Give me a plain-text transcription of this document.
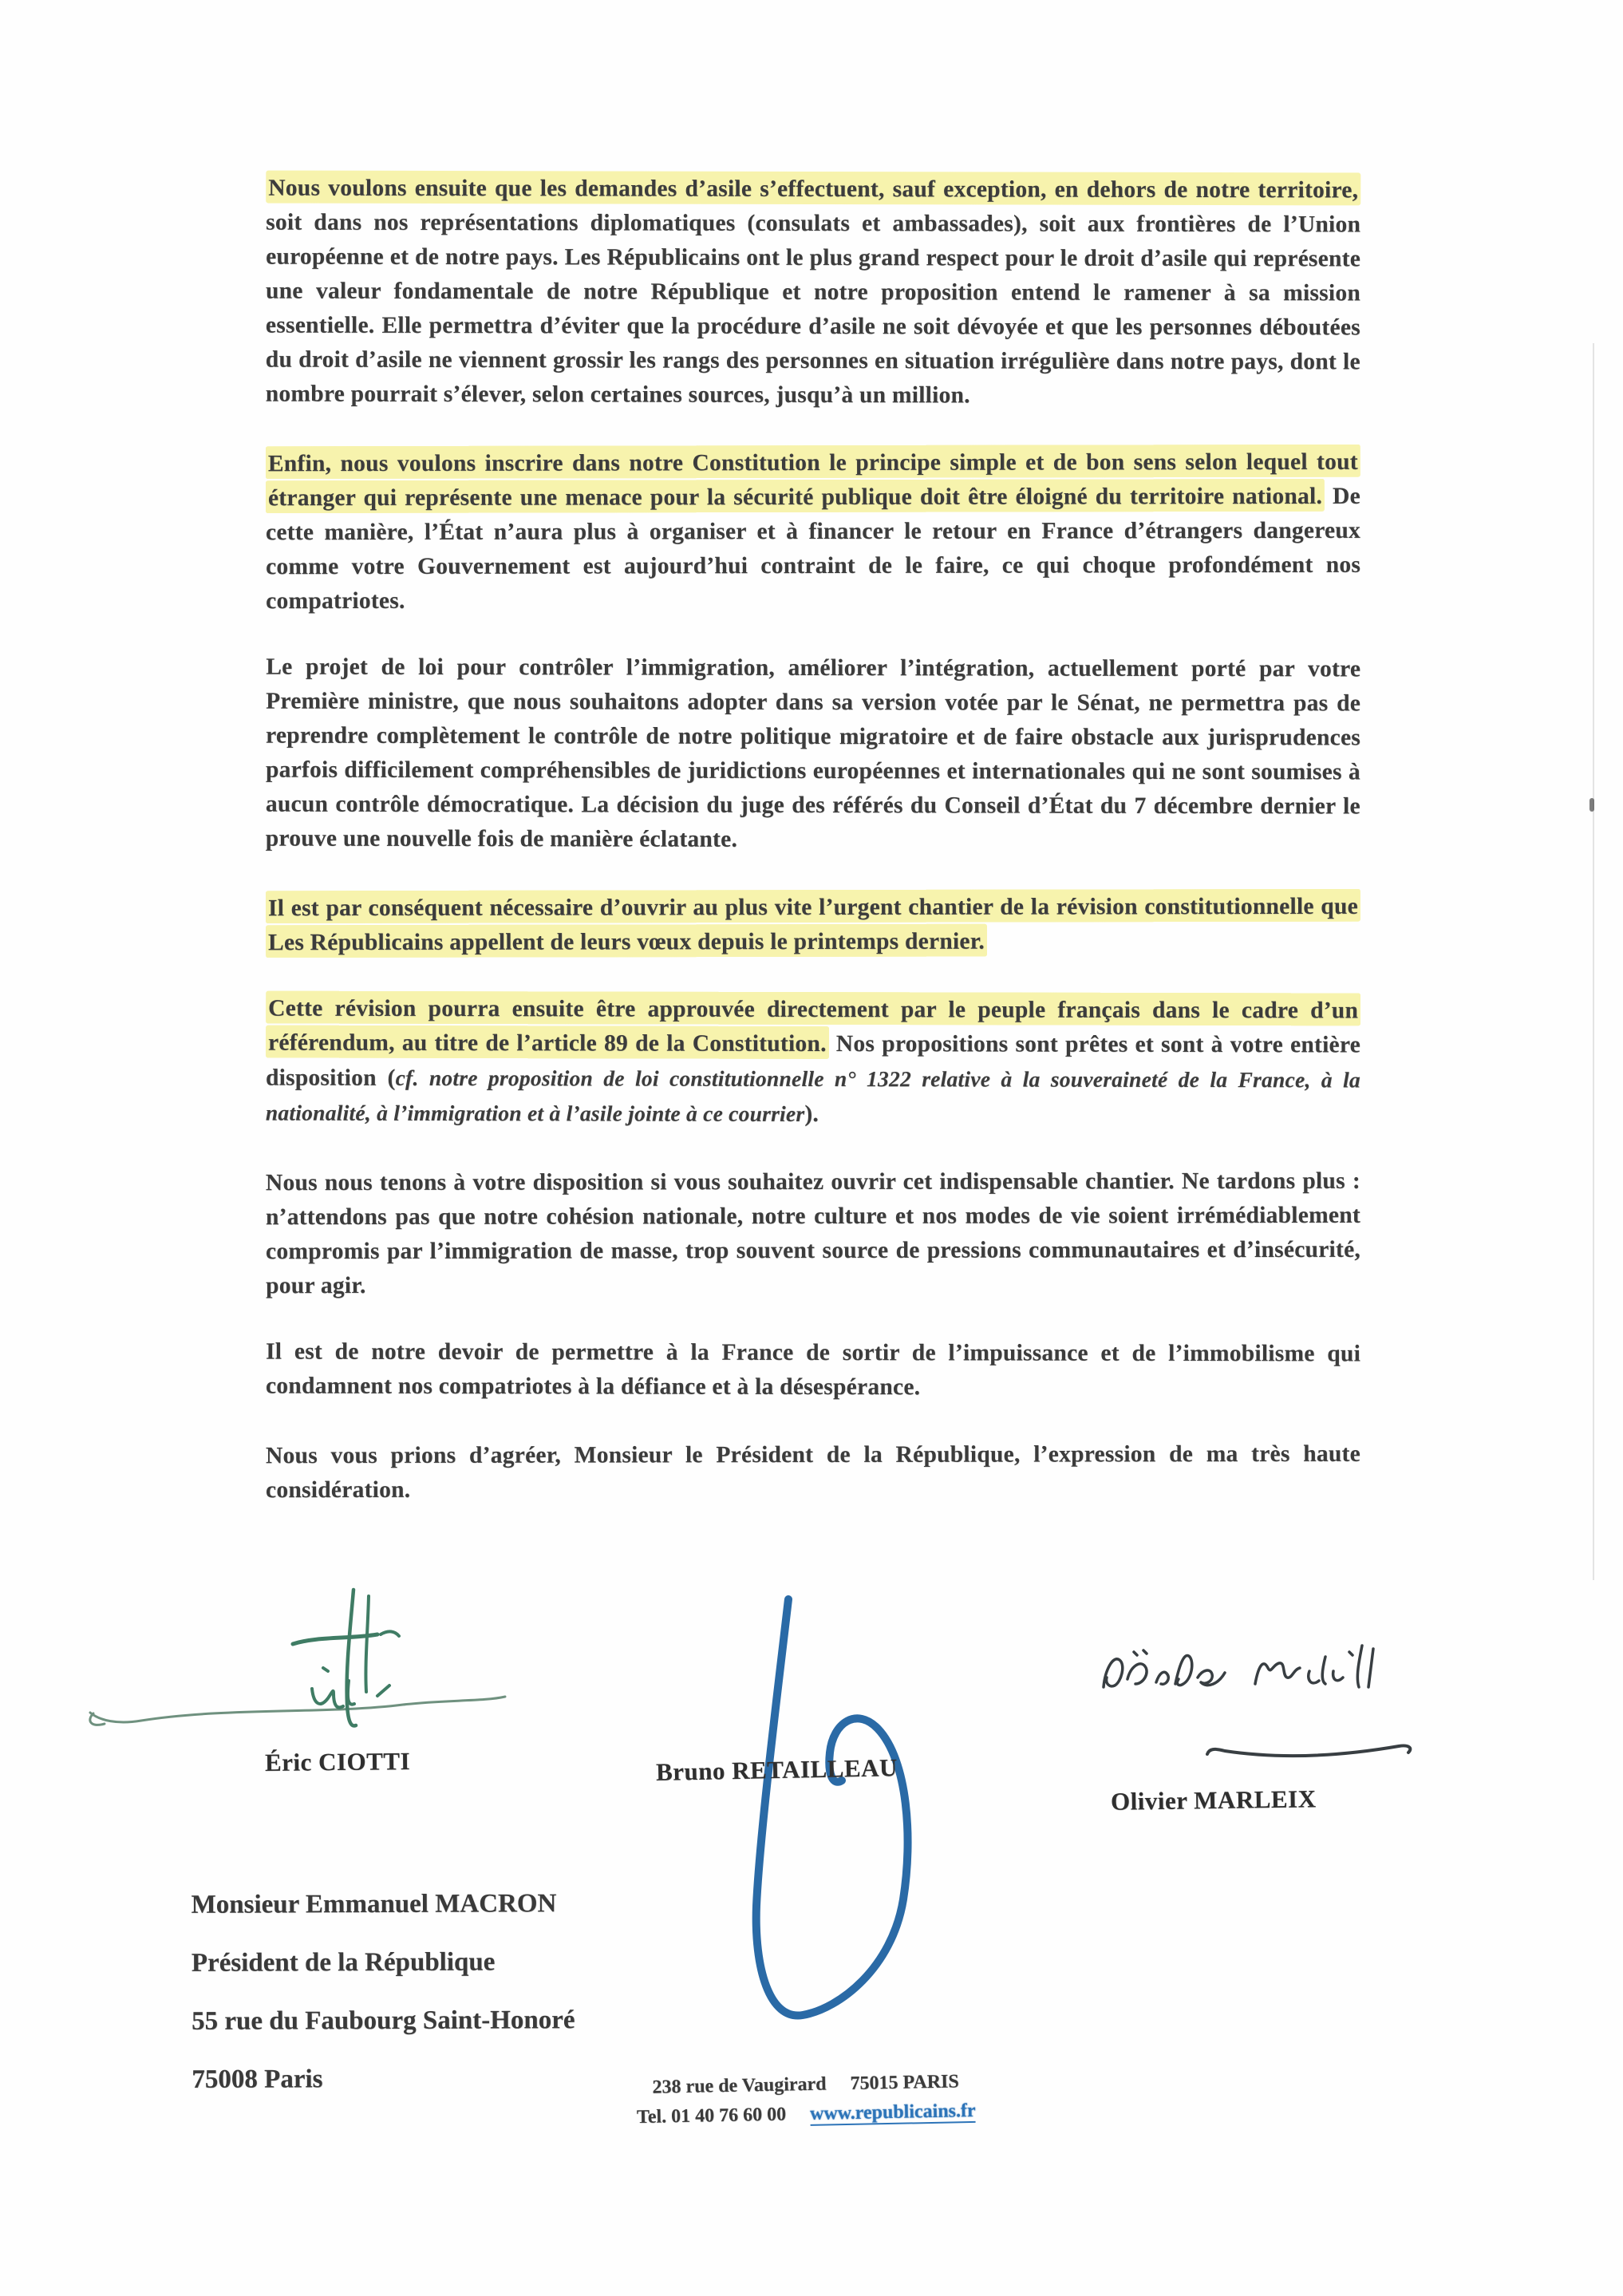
Nous voulons ensuite que les demandes d’asile s’effectuent, sauf exception, en dehors de notre territoire, soit dans nos représentations diplomatiques (consulats et ambassades), soit aux frontières de l’Union européenne et de notre pays. Les Républicains ont le plus grand respect pour le droit d’asile qui représente une valeur fondamentale de notre République et notre proposition entend le ramener à sa mission essentielle. Elle permettra d’éviter que la procédure d’asile ne soit dévoyée et que les personnes déboutées du droit d’asile ne viennent grossir les rangs des personnes en situation irrégulière dans notre pays, dont le nombre pourrait s’élever, selon certaines sources, jusqu’à un million.

Enfin, nous voulons inscrire dans notre Constitution le principe simple et de bon sens selon lequel tout étranger qui représente une menace pour la sécurité publique doit être éloigné du territoire national. De cette manière, l’État n’aura plus à organiser et à financer le retour en France d’étrangers dangereux comme votre Gouvernement est aujourd’hui contraint de le faire, ce qui choque profondément nos compatriotes.

Le projet de loi pour contrôler l’immigration, améliorer l’intégration, actuellement porté par votre Première ministre, que nous souhaitons adopter dans sa version votée par le Sénat, ne permettra pas de reprendre complètement le contrôle de notre politique migratoire et de faire obstacle aux jurisprudences parfois difficilement compréhensibles de juridictions européennes et internationales qui ne sont soumises à aucun contrôle démocratique. La décision du juge des référés du Conseil d’État du 7 décembre dernier le prouve une nouvelle fois de manière éclatante.

Il est par conséquent nécessaire d’ouvrir au plus vite l’urgent chantier de la révision constitutionnelle que Les Républicains appellent de leurs vœux depuis le printemps dernier.

Cette révision pourra ensuite être approuvée directement par le peuple français dans le cadre d’un référendum, au titre de l’article 89 de la Constitution. Nos propositions sont prêtes et sont à votre entière disposition (cf. notre proposition de loi constitutionnelle n° 1322 relative à la souveraineté de la France, à la nationalité, à l’immigration et à l’asile jointe à ce courrier).

Nous nous tenons à votre disposition si vous souhaitez ouvrir cet indispensable chantier. Ne tardons plus : n’attendons pas que notre cohésion nationale, notre culture et nos modes de vie soient irrémédiablement compromis par l’immigration de masse, trop souvent source de pressions communautaires et d’insécurité, pour agir.

Il est de notre devoir de permettre à la France de sortir de l’impuissance et de l’immobilisme qui condamnent nos compatriotes à la défiance et à la désespérance.

Nous vous prions d’agréer, Monsieur le Président de la République, l’expression de ma très haute considération.

Éric CIOTTI	Bruno RETAILLEAU
Olivier MARLEIX
Monsieur Emmanuel MACRON
Président de la République
55 rue du Faubourg Saint-Honoré
75008 Paris	238 rue de Vaugirard 75015 PARIS
Tel. 01 40 76 60 00 www.republicains.fr
